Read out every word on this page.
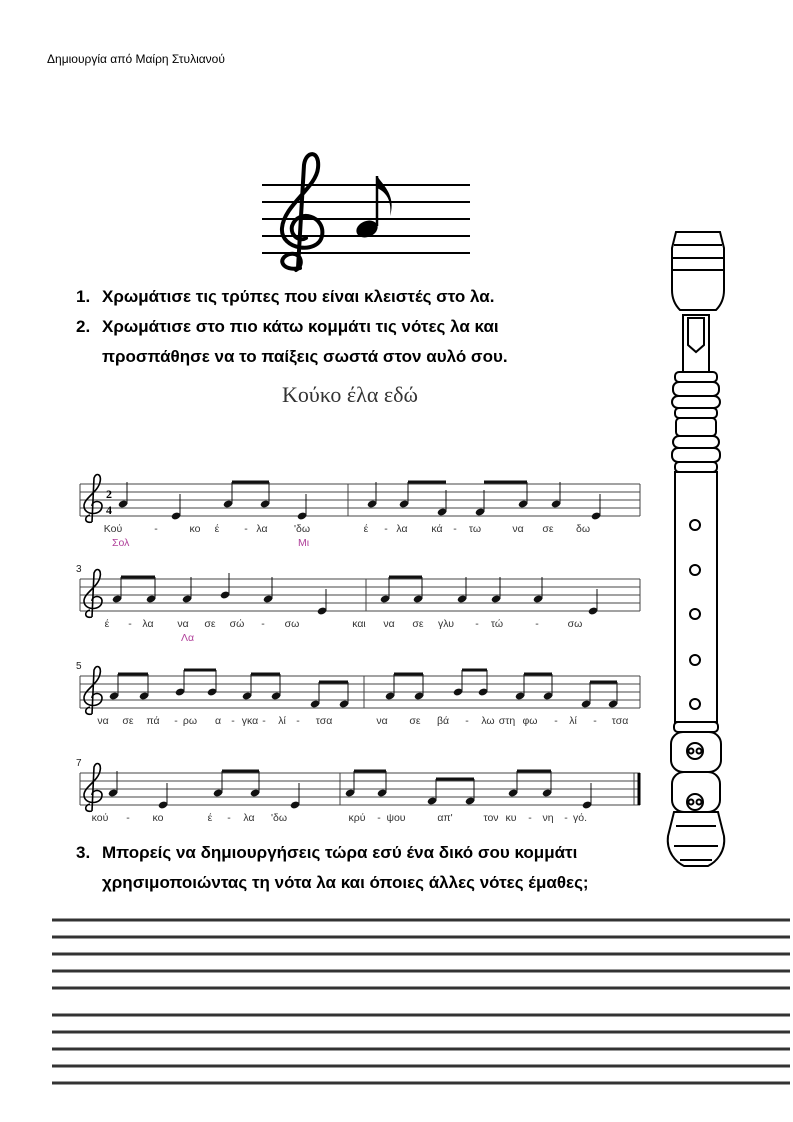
Δημιουργία από Μαίρη Στυλιανού
1. Χρωμάτισε τις τρύπες που είναι κλειστές στο λα.
2. Χρωμάτισε στο πιο κάτω κομμάτι τις νότες λα και
προσπάθησε να το παίξεις σωστά στον αυλό σου.
Κούκο έλα εδώ
2
4
Κού	-	κο έ - λα	'δω	έ - λα κά - τω	να σε δω
Σολ	Μι
3
έ - λα να σε σώ - σω	και να σε γλυ - τώ	-	σω
Λα
5
να σε πά - ρω α - γκα - λί - τσα	να σε βά - λω στη φω - λί - τσα
7
κού - κο	έ - λα 'δω	κρύ - ψου	απ'	τον κυ - νη - γό.
3. Μπορείς να δημιουργήσεις τώρα εσύ ένα δικό σου κομμάτι
χρησιμοποιώντας τη νότα λα και όποιες άλλες νότες έμαθες;
